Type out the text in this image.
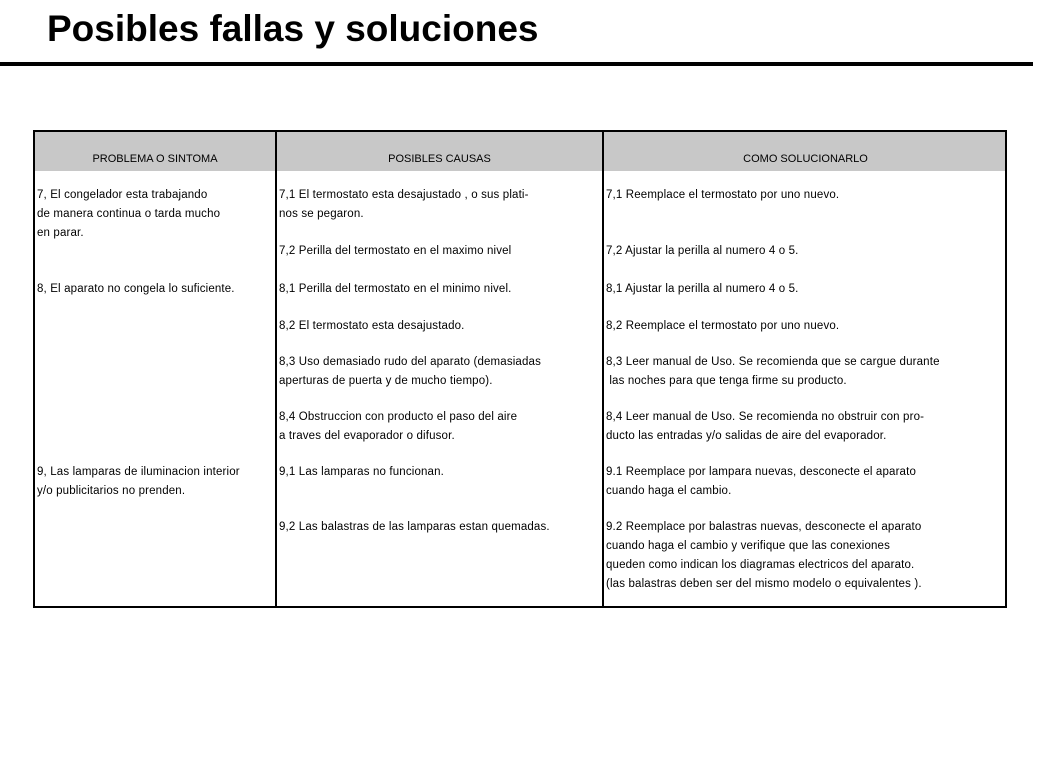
Posibles fallas y soluciones
PROBLEMA O SINTOMA	POSIBLES CAUSAS	COMO SOLUCIONARLO
7, El congelador esta trabajando
de manera continua o tarda mucho
en parar.
8, El aparato no congela lo suficiente.
9, Las lamparas de iluminacion interior
y/o publicitarios no prenden.
7,1 El termostato esta desajustado , o sus plati-
nos se pegaron.
7,2 Perilla del termostato en el maximo nivel
8,1 Perilla del termostato en el minimo nivel.
8,2 El termostato esta desajustado.
8,3 Uso demasiado rudo del aparato (demasiadas
aperturas de puerta y de mucho tiempo).
8,4 Obstruccion con producto el paso del aire
a traves del evaporador o difusor.
9,1 Las lamparas no funcionan.
9,2 Las balastras de las lamparas estan quemadas.
7,1 Reemplace el termostato por uno nuevo.
7,2 Ajustar la perilla al numero 4 o 5.
8,1 Ajustar la perilla al numero 4 o 5.
8,2 Reemplace el termostato por uno nuevo.
8,3 Leer manual de Uso. Se recomienda que se cargue durante
las noches para que tenga firme su producto.
8,4 Leer manual de Uso. Se recomienda no obstruir con pro-
ducto las entradas y/o salidas de aire del evaporador.
9.1 Reemplace por lampara nuevas, desconecte el aparato
cuando haga el cambio.
9.2 Reemplace por balastras nuevas, desconecte el aparato
cuando haga el cambio y verifique que las conexiones
queden como indican los diagramas electricos del aparato.
(las balastras deben ser del mismo modelo o equivalentes ).
